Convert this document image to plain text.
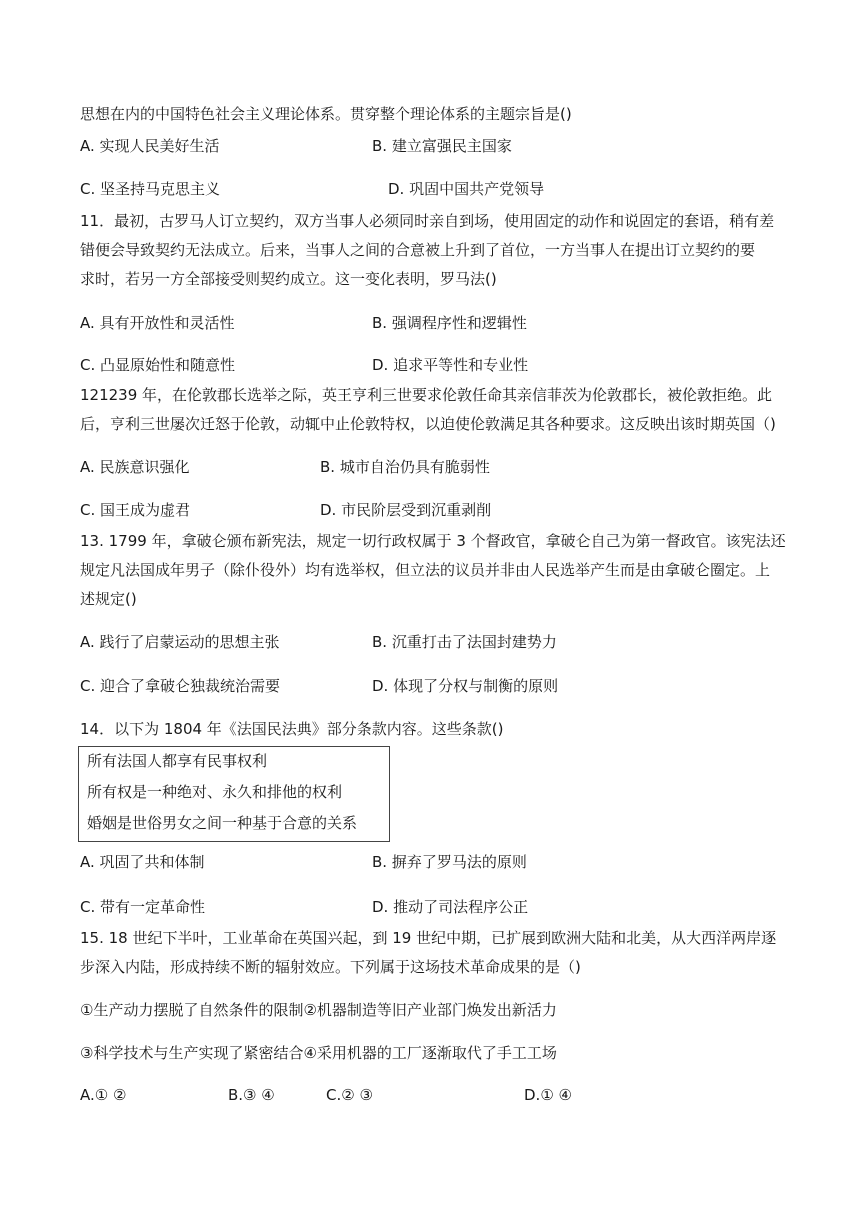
思想在内的中国特色社会主义理论体系。贯穿整个理论体系的主题宗旨是()
A. 实现人民美好生活	B. 建立富强民主国家
C. 坚圣持马克思主义	D. 巩固中国共产党领导
11．最初，古罗马人订立契约，双方当事人必须同时亲自到场，使用固定的动作和说固定的套语，稍有差
错便会导致契约无法成立。后来，当事人之间的合意被上升到了首位，一方当事人在提出订立契约的要
求时，若另一方全部接受则契约成立。这一变化表明，罗马法()
A. 具有开放性和灵活性	B. 强调程序性和逻辑性
C. 凸显原始性和随意性	D. 追求平等性和专业性
121239 年，在伦敦郡长选举之际，英王亨利三世要求伦敦任命其亲信菲茨为伦敦郡长，被伦敦拒绝。此
后，亨利三世屡次迁怒于伦敦，动辄中止伦敦特权，以迫使伦敦满足其各种要求。这反映出该时期英国（)
A. 民族意识强化	B. 城市自治仍具有脆弱性
C. 国王成为虚君	D. 市民阶层受到沉重剥削
13. 1799 年，拿破仑颁布新宪法，规定一切行政权属于 3 个督政官，拿破仑自己为第一督政官。该宪法还
规定凡法国成年男子（除仆役外）均有选举权，但立法的议员并非由人民选举产生而是由拿破仑圈定。上
述规定()
A. 践行了启蒙运动的思想主张	B. 沉重打击了法国封建势力
C. 迎合了拿破仑独裁统治需要	D. 体现了分权与制衡的原则
14．以下为 1804 年《法国民法典》部分条款内容。这些条款()
所有法国人都享有民事权利
所有权是一种绝对、永久和排他的权利
婚姻是世俗男女之间一种基于合意的关系
A. 巩固了共和体制	B. 摒弃了罗马法的原则
C. 带有一定革命性	D. 推动了司法程序公正
15. 18 世纪下半叶，工业革命在英国兴起，到 19 世纪中期，已扩展到欧洲大陆和北美，从大西洋两岸逐
步深入内陆，形成持续不断的辐射效应。下列属于这场技术革命成果的是（)
①生产动力摆脱了自然条件的限制②机器制造等旧产业部门焕发出新活力
③科学技术与生产实现了紧密结合④采用机器的工厂逐渐取代了手工工场
A.① ②	B.③ ④	C.② ③	D.① ④
